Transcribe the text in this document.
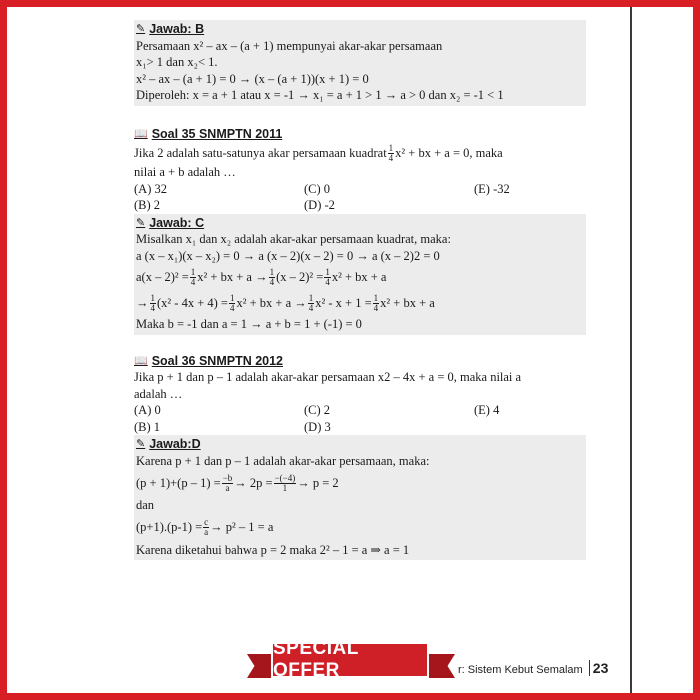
✎ Jawab: B
Persamaan x² – ax – (a + 1) mempunyai akar-akar persamaan
x₁> 1 dan x₂< 1.
x² – ax – (a + 1) = 0 → (x – (a + 1))(x + 1) = 0
Diperoleh: x = a + 1 atau x = -1 → x₁ = a + 1 > 1 → a > 0 dan x₂ = -1 < 1
📖 Soal 35 SNMPTN 2011
Jika 2 adalah satu-satunya akar persamaan kuadrat $\frac{1}{4} x^2$ + bx + a = 0, maka
nilai a + b adalah …
(A) 32	(C) 0	(E) -32
(B) 2	(D) -2
✎ Jawab: C
Misalkan x₁ dan x₂ adalah akar-akar persamaan kuadrat, maka:
a (x – x₁)(x – x₂) = 0 → a (x – 2)(x – 2) = 0 → a (x – 2)2 = 0
$a(x - 2)^2 = \frac{1}{4} x^2$ + bx + $a \to \frac{1}{4} (x - 2)^2 = \frac{1}{4} x^2$ + bx + a
→ $\frac{1}{4} (x^2 - 4x + 4) = \frac{1}{4} x^2$ + bx + $a \to \frac{1}{4} x^2 - x + 1 = \frac{1}{4} x^2$ + bx + a
Maka b = -1 dan a = 1 → a + b = 1 + (-1) = 0
📖 Soal 36 SNMPTN 2012
Jika p + 1 dan p – 1 adalah akar-akar persamaan x2 – 4x + a = 0, maka nilai a
adalah …
(A) 0	(C) 2	(E) 4
(B) 1	(D) 3
✎ Jawab:D
Karena p + 1 dan p – 1 adalah akar-akar persamaan, maka:
$(p + 1)+(p - 1) = \frac{-b}{a} \to 2p = \frac{-(-4)}{1} \to p = 2$
dan
$(p+1).(p-1) = \frac{c}{a} \to p^2 - 1 = a$
Karena diketahui bahwa p = 2 maka 2² – 1 = a ⇒ a = 1
r: Sistem Kebut Semalam 23
SPECIAL OFFER
